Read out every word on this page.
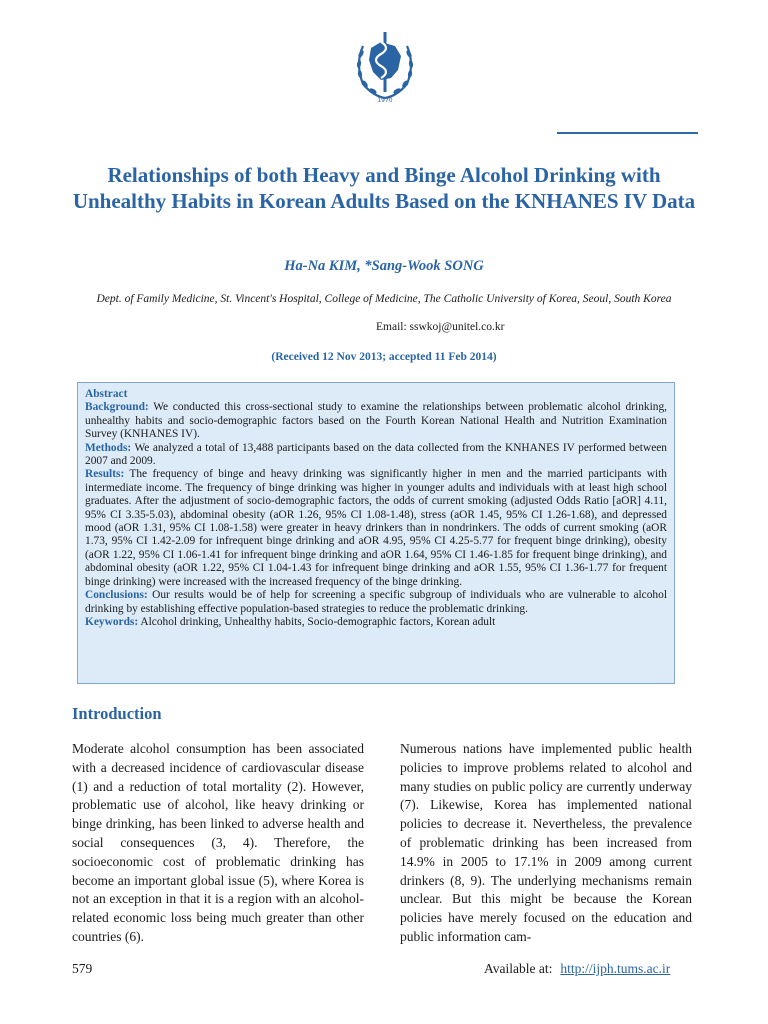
1970
Relationships of both Heavy and Binge Alcohol Drinking with Unhealthy Habits in Korean Adults Based on the KNHANES IV Data
Ha-Na KIM, *Sang-Wook SONG
Dept. of Family Medicine, St. Vincent's Hospital, College of Medicine, The Catholic University of Korea, Seoul, South Korea
Email: sswkoj@unitel.co.kr
(Received 12 Nov 2013; accepted 11 Feb 2014)

Abstract

Background: We conducted this cross-sectional study to examine the relationships between problematic alcohol drinking, unhealthy habits and socio-demographic factors based on the Fourth Korean National Health and Nutrition Examination Survey (KNHANES IV).

Methods: We analyzed a total of 13,488 participants based on the data collected from the KNHANES IV performed between 2007 and 2009.

Results: The frequency of binge and heavy drinking was significantly higher in men and the married participants with intermediate income. The frequency of binge drinking was higher in younger adults and individuals with at least high school graduates. After the adjustment of socio-demographic factors, the odds of current smoking (adjusted Odds Ratio [aOR] 4.11, 95% CI 3.35-5.03), abdominal obesity (aOR 1.26, 95% CI 1.08-1.48), stress (aOR 1.45, 95% CI 1.26-1.68), and depressed mood (aOR 1.31, 95% CI 1.08-1.58) were greater in heavy drinkers than in nondrinkers. The odds of current smoking (aOR 1.73, 95% CI 1.42-2.09 for infrequent binge drinking and aOR 4.95, 95% CI 4.25-5.77 for frequent binge drinking), obesity (aOR 1.22, 95% CI 1.06-1.41 for infrequent binge drinking and aOR 1.64, 95% CI 1.46-1.85 for frequent binge drinking), and abdominal obesity (aOR 1.22, 95% CI 1.04-1.43 for infrequent binge drinking and aOR 1.55, 95% CI 1.36-1.77 for frequent binge drinking) were increased with the increased frequency of the binge drinking.

Conclusions: Our results would be of help for screening a specific subgroup of individuals who are vulnerable to alcohol drinking by establishing effective population-based strategies to reduce the problematic drinking.

Keywords: Alcohol drinking, Unhealthy habits, Socio-demographic factors, Korean adult

Introduction

Moderate alcohol consumption has been associated with a decreased incidence of cardiovascular disease (1) and a reduction of total mortality (2). However, problematic use of alcohol, like heavy drinking or binge drinking, has been linked to adverse health and social consequences (3, 4). Therefore, the socioeconomic cost of problematic drinking has become an important global issue (5), where Korea is not an exception in that it is a region with an alcohol-related economic loss being much greater than other countries (6).

Numerous nations have implemented public health policies to improve problems related to alcohol and many studies on public policy are currently underway (7). Likewise, Korea has implemented national policies to decrease it. Nevertheless, the prevalence of problematic drinking has been increased from 14.9% in 2005 to 17.1% in 2009 among current drinkers (8, 9). The underlying mechanisms remain unclear. But this might be because the Korean policies have merely focused on the education and public information cam-

579	Available at: http://ijph.tums.ac.ir
